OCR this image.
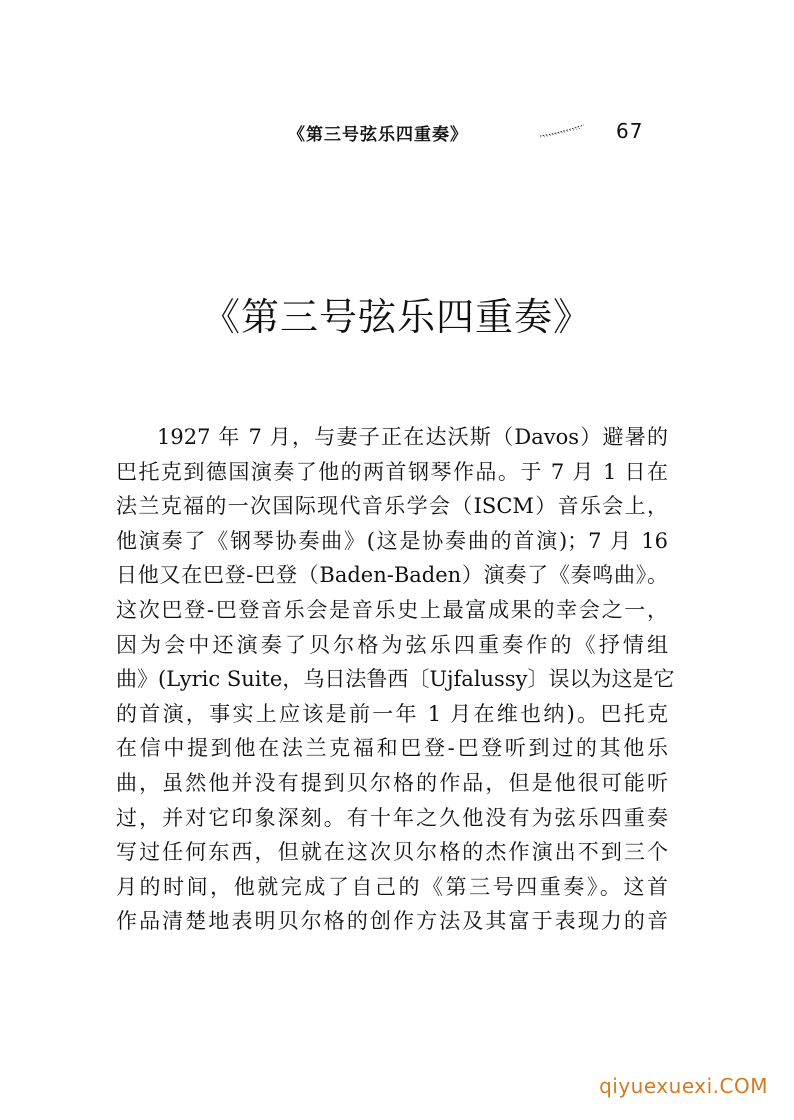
《第三号弦乐四重奏》	67
《第三号弦乐四重奏》
1927 年 7 月，与妻子正在达沃斯（Davos）避暑的
巴托克到德国演奏了他的两首钢琴作品。于 7 月 1 日在
法兰克福的一次国际现代音乐学会（ISCM）音乐会上，
他演奏了《钢琴协奏曲》(这是协奏曲的首演)；7 月 16
日他又在巴登-巴登（Baden-Baden）演奏了《奏鸣曲》。
这次巴登-巴登音乐会是音乐史上最富成果的幸会之一，
因为会中还演奏了贝尔格为弦乐四重奏作的《抒情组
曲》(Lyric Suite，乌日法鲁西〔Ujfalussy〕误以为这是它
的首演，事实上应该是前一年 1 月在维也纳)。巴托克
在信中提到他在法兰克福和巴登-巴登听到过的其他乐
曲，虽然他并没有提到贝尔格的作品，但是他很可能听
过，并对它印象深刻。有十年之久他没有为弦乐四重奏
写过任何东西，但就在这次贝尔格的杰作演出不到三个
月的时间，他就完成了自己的《第三号四重奏》。这首
作品清楚地表明贝尔格的创作方法及其富于表现力的音
qiyuexuexi.COM
